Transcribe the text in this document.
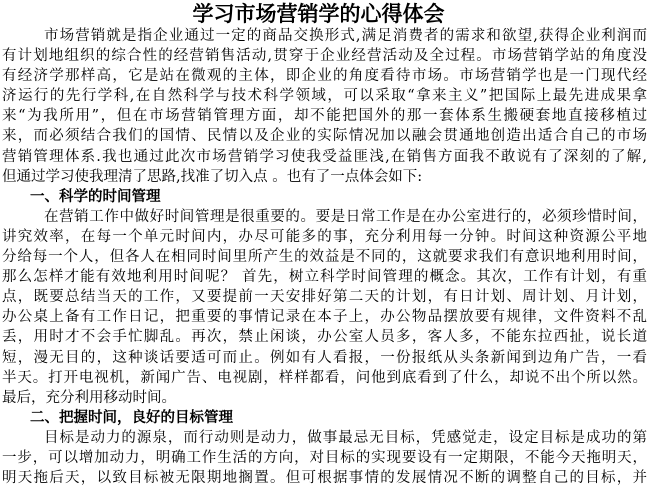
学习市场营销学的心得体会
市场营销就是指企业通过一定的商品交换形式,满足消费者的需求和欲望,获得企业利润而
有计划地组织的综合性的经营销售活动,贯穿于企业经营活动及全过程。市场营销学站的角度没
有经济学那样高，它是站在微观的主体，即企业的角度看待市场。市场营销学也是一门现代经
济运行的先行学科,在自然科学与技术科学领域，可以采取“拿来主义”把国际上最先进成果拿
来“为我所用”，但在市场营销管理方面，却不能把国外的那一套体系生搬硬套地直接移植过
来，而必须结合我们的国情、民情以及企业的实际情况加以融会贯通地创造出适合自己的市场
营销管理体系.我也通过此次市场营销学习使我受益匪浅,在销售方面我不敢说有了深刻的了解,
但通过学习使我理清了思路,找准了切入点 。也有了一点体会如下:
一、科学的时间管理
在营销工作中做好时间管理是很重要的。要是日常工作是在办公室进行的，必须珍惜时间，
讲究效率，在每一个单元时间内，办尽可能多的事，充分利用每一分钟。时间这种资源公平地
分给每一个人，但各人在相同时间里所产生的效益是不同的，这就要求我们有意识地利用时间，
那么怎样才能有效地利用时间呢？ 首先，树立科学时间管理的概念。其次，工作有计划，有重
点，既要总结当天的工作，又要提前一天安排好第二天的计划，有日计划、周计划、月计划，
办公桌上备有工作日记，把重要的事情记录在本子上，办公物品摆放要有规律，文件资料不乱
丢，用时才不会手忙脚乱。再次，禁止闲谈，办公室人员多，客人多，不能东拉西扯，说长道
短，漫无目的，这种谈话要适可而止。例如有人看报，一份报纸从头条新闻到边角广告，一看
半天。打开电视机，新闻广告、电视剧，样样都看，问他到底看到了什么，却说不出个所以然。
最后，充分利用移动时间。
二、把握时间，良好的目标管理
目标是动力的源泉，而行动则是动力，做事最忌无目标，凭感觉走，设定目标是成功的第
一步，可以增加动力，明确工作生活的方向，对目标的实现要设有一定期限，不能今天拖明天，
明天拖后天，以致目标被无限期地搁置。但可根据事情的发展情况不断的调整自己的目标，并
